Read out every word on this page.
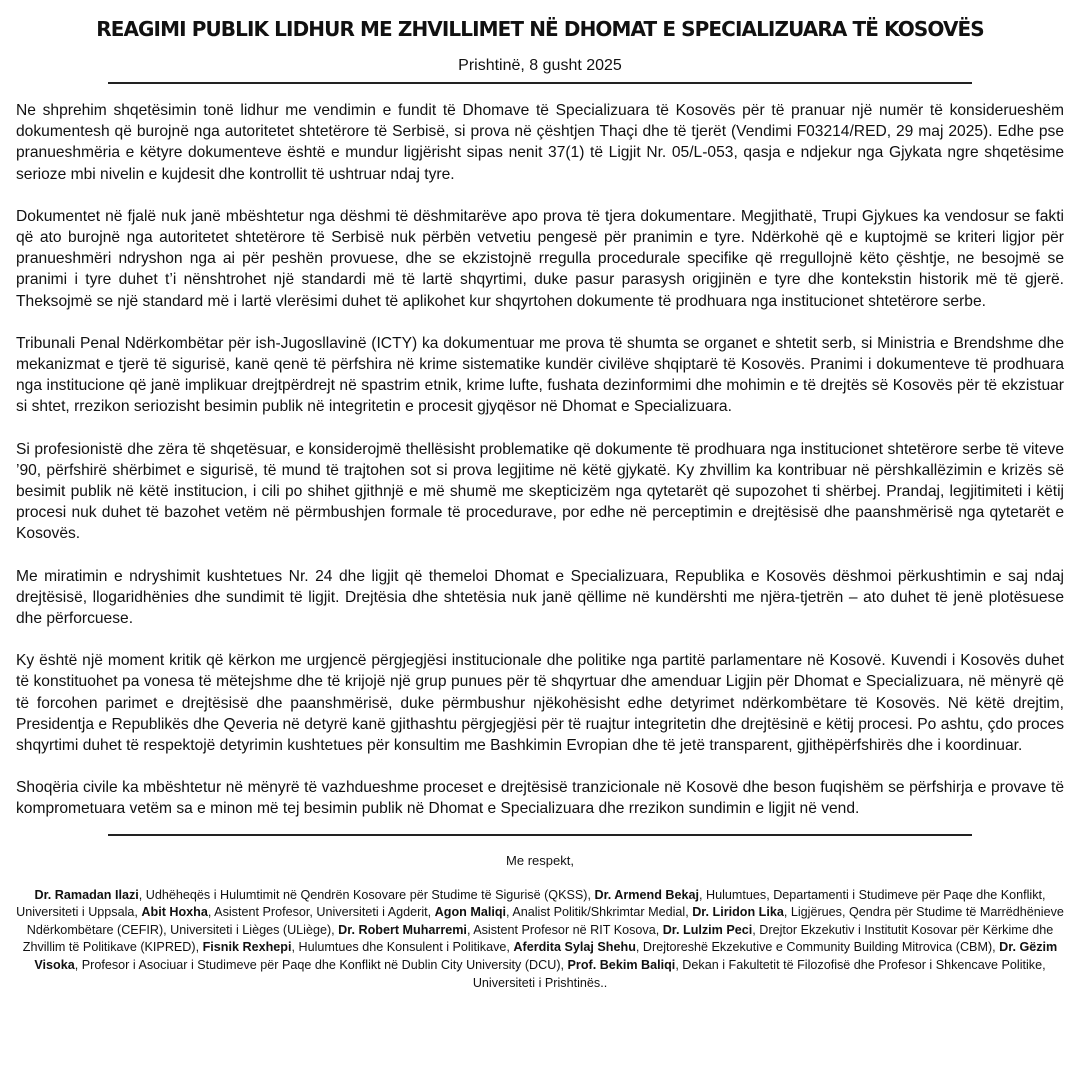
REAGIMI PUBLIK LIDHUR ME ZHVILLIMET NË DHOMAT E SPECIALIZUARA TË KOSOVËS
Prishtinë, 8 gusht 2025

Ne shprehim shqetësimin tonë lidhur me vendimin e fundit të Dhomave të Specializuara të Kosovës për të pranuar një numër të konsiderueshëm dokumentesh që burojnë nga autoritetet shtetërore të Serbisë, si prova në çështjen Thaçi dhe të tjerët (Vendimi F03214/RED, 29 maj 2025). Edhe pse pranueshmëria e këtyre dokumenteve është e mundur ligjërisht sipas nenit 37(1) të Ligjit Nr. 05/L-053, qasja e ndjekur nga Gjykata ngre shqetësime serioze mbi nivelin e kujdesit dhe kontrollit të ushtruar ndaj tyre.

Dokumentet në fjalë nuk janë mbështetur nga dëshmi të dëshmitarëve apo prova të tjera dokumentare. Megjithatë, Trupi Gjykues ka vendosur se fakti që ato burojnë nga autoritetet shtetërore të Serbisë nuk përbën vetvetiu pengesë për pranimin e tyre. Ndërkohë që e kuptojmë se kriteri ligjor për pranueshmëri ndryshon nga ai për peshën provuese, dhe se ekzistojnë rregulla procedurale specifike që rregullojnë këto çështje, ne besojmë se pranimi i tyre duhet t’i nënshtrohet një standardi më të lartë shqyrtimi, duke pasur parasysh origjinën e tyre dhe kontekstin historik më të gjerë. Theksojmë se një standard më i lartë vlerësimi duhet të aplikohet kur shqyrtohen dokumente të prodhuara nga institucionet shtetërore serbe.

Tribunali Penal Ndërkombëtar për ish-Jugosllavinë (ICTY) ka dokumentuar me prova të shumta se organet e shtetit serb, si Ministria e Brendshme dhe mekanizmat e tjerë të sigurisë, kanë qenë të përfshira në krime sistematike kundër civilëve shqiptarë të Kosovës. Pranimi i dokumenteve të prodhuara nga institucione që janë implikuar drejtpërdrejt në spastrim etnik, krime lufte, fushata dezinformimi dhe mohimin e të drejtës së Kosovës për të ekzistuar si shtet, rrezikon seriozisht besimin publik në integritetin e procesit gjyqësor në Dhomat e Specializuara.

Si profesionistë dhe zëra të shqetësuar, e konsiderojmë thellësisht problematike që dokumente të prodhuara nga institucionet shtetërore serbe të viteve ’90, përfshirë shërbimet e sigurisë, të mund të trajtohen sot si prova legjitime në këtë gjykatë. Ky zhvillim ka kontribuar në përshkallëzimin e krizës së besimit publik në këtë institucion, i cili po shihet gjithnjë e më shumë me skepticizëm nga qytetarët që supozohet ti shërbej. Prandaj, legjitimiteti i këtij procesi nuk duhet të bazohet vetëm në përmbushjen formale të procedurave, por edhe në perceptimin e drejtësisë dhe paanshmërisë nga qytetarët e Kosovës.

Me miratimin e ndryshimit kushtetues Nr. 24 dhe ligjit që themeloi Dhomat e Specializuara, Republika e Kosovës dëshmoi përkushtimin e saj ndaj drejtësisë, llogaridhënies dhe sundimit të ligjit. Drejtësia dhe shtetësia nuk janë qëllime në kundërshti me njëra-tjetrën – ato duhet të jenë plotësuese dhe përforcuese.

Ky është një moment kritik që kërkon me urgjencë përgjegjësi institucionale dhe politike nga partitë parlamentare në Kosovë. Kuvendi i Kosovës duhet të konstituohet pa vonesa të mëtejshme dhe të krijojë një grup punues për të shqyrtuar dhe amenduar Ligjin për Dhomat e Specializuara, në mënyrë që të forcohen parimet e drejtësisë dhe paanshmërisë, duke përmbushur njëkohësisht edhe detyrimet ndërkombëtare të Kosovës. Në këtë drejtim, Presidentja e Republikës dhe Qeveria në detyrë kanë gjithashtu përgjegjësi për të ruajtur integritetin dhe drejtësinë e këtij procesi. Po ashtu, çdo proces shqyrtimi duhet të respektojë detyrimin kushtetues për konsultim me Bashkimin Evropian dhe të jetë transparent, gjithëpërfshirës dhe i koordinuar.

Shoqëria civile ka mbështetur në mënyrë të vazhdueshme proceset e drejtësisë tranzicionale në Kosovë dhe beson fuqishëm se përfshirja e provave të komprometuara vetëm sa e minon më tej besimin publik në Dhomat e Specializuara dhe rrezikon sundimin e ligjit në vend.

Me respekt,
Dr. Ramadan Ilazi, Udhëheqës i Hulumtimit në Qendrën Kosovare për Studime të Sigurisë (QKSS), Dr. Armend Bekaj, Hulumtues, Departamenti i Studimeve për Paqe dhe Konflikt, Universiteti i Uppsala, Abit Hoxha, Asistent Profesor, Universiteti i Agderit, Agon Maliqi, Analist Politik/Shkrimtar Medial, Dr. Liridon Lika, Ligjërues, Qendra për Studime të Marrëdhënieve Ndërkombëtare (CEFIR), Universiteti i Lièges (ULiège), Dr. Robert Muharremi, Asistent Profesor në RIT Kosova, Dr. Lulzim Peci, Drejtor Ekzekutiv i Institutit Kosovar për Kërkime dhe Zhvillim të Politikave (KIPRED), Fisnik Rexhepi, Hulumtues dhe Konsulent i Politikave, Aferdita Sylaj Shehu, Drejtoreshë Ekzekutive e Community Building Mitrovica (CBM), Dr. Gëzim Visoka, Profesor i Asociuar i Studimeve për Paqe dhe Konflikt në Dublin City University (DCU), Prof. Bekim Baliqi, Dekan i Fakultetit të Filozofisë dhe Profesor i Shkencave Politike, Universiteti i Prishtinës..
